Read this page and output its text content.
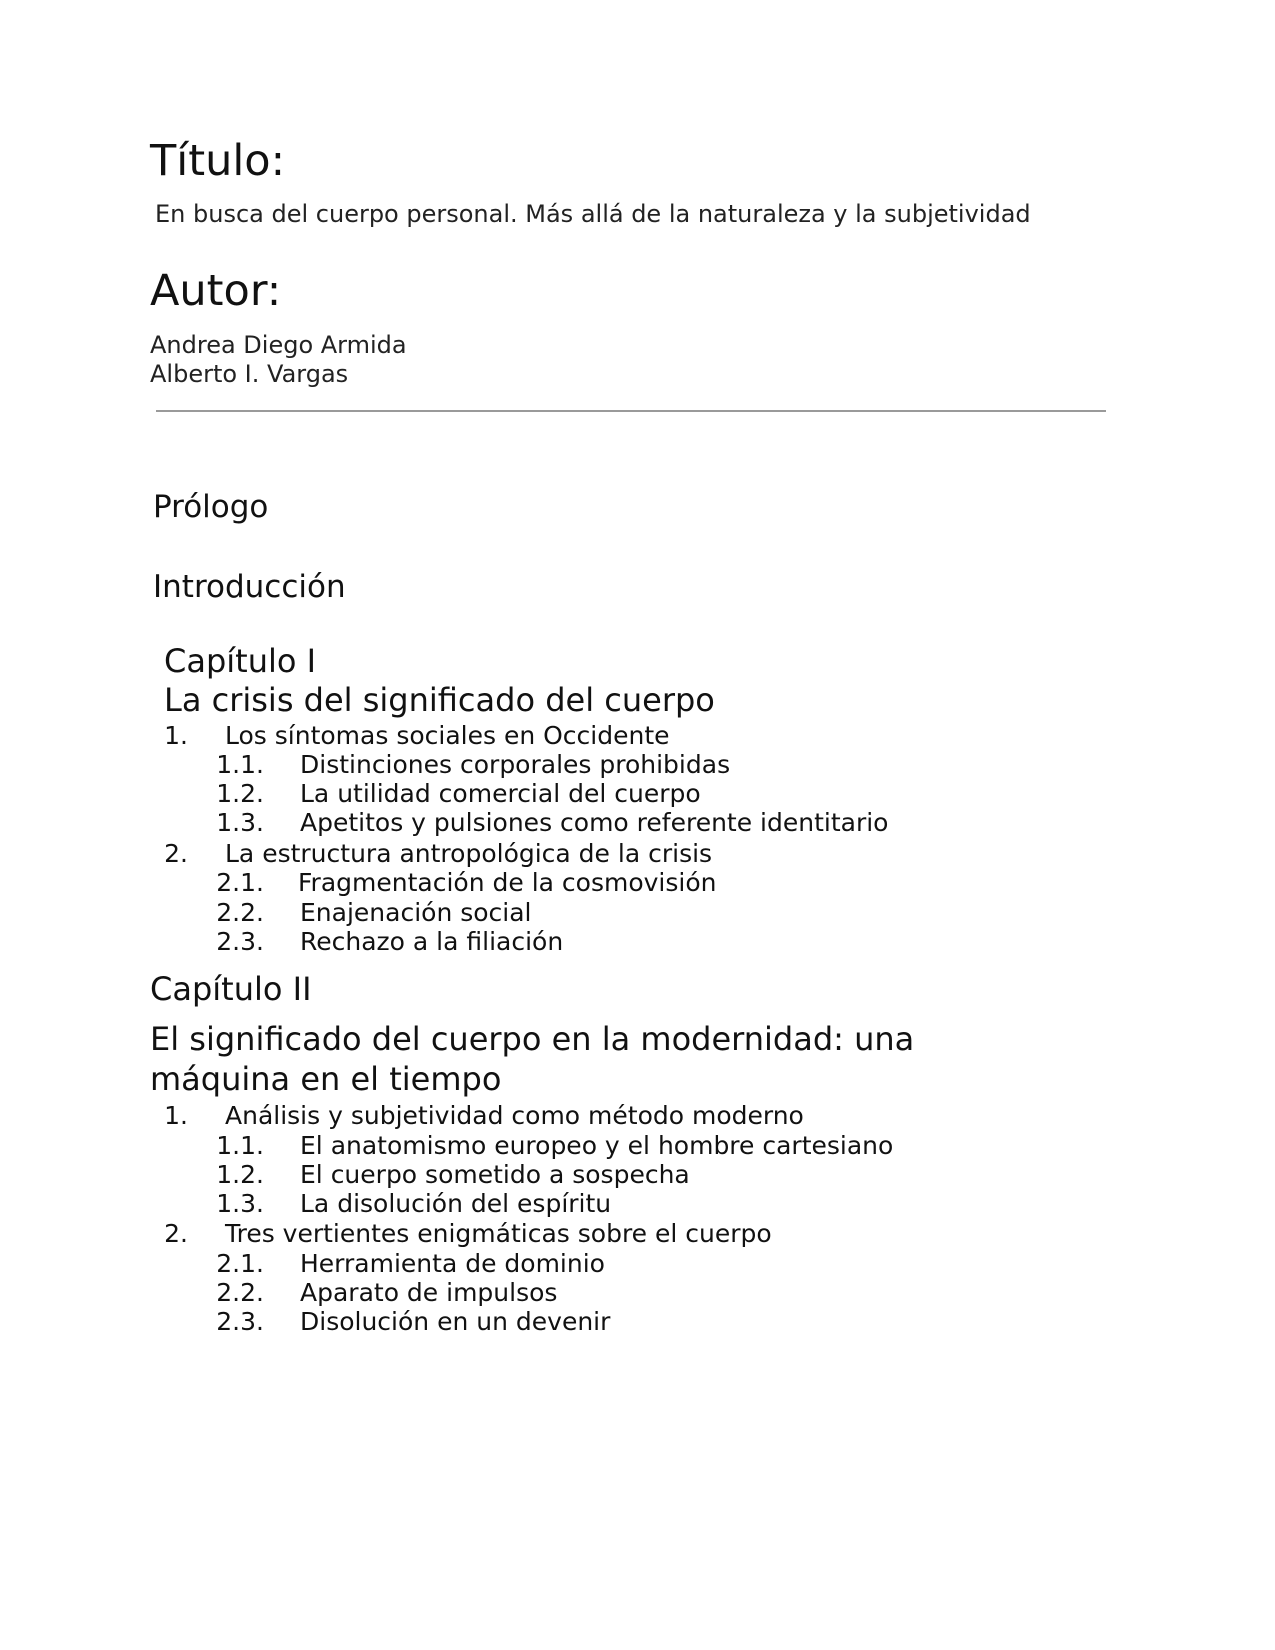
Título:
En busca del cuerpo personal. Más allá de la naturaleza y la subjetividad
Autor:
Andrea Diego Armida
Alberto I. Vargas
Prólogo
Introducción
Capítulo I
La crisis del significado del cuerpo
1. Los síntomas sociales en Occidente
1.1. Distinciones corporales prohibidas
1.2. La utilidad comercial del cuerpo
1.3. Apetitos y pulsiones como referente identitario
2. La estructura antropológica de la crisis
2.1. Fragmentación de la cosmovisión
2.2. Enajenación social
2.3. Rechazo a la filiación
Capítulo II
El significado del cuerpo en la modernidad: una
máquina en el tiempo
1. Análisis y subjetividad como método moderno
1.1. El anatomismo europeo y el hombre cartesiano
1.2. El cuerpo sometido a sospecha
1.3. La disolución del espíritu
2. Tres vertientes enigmáticas sobre el cuerpo
2.1. Herramienta de dominio
2.2. Aparato de impulsos
2.3. Disolución en un devenir
